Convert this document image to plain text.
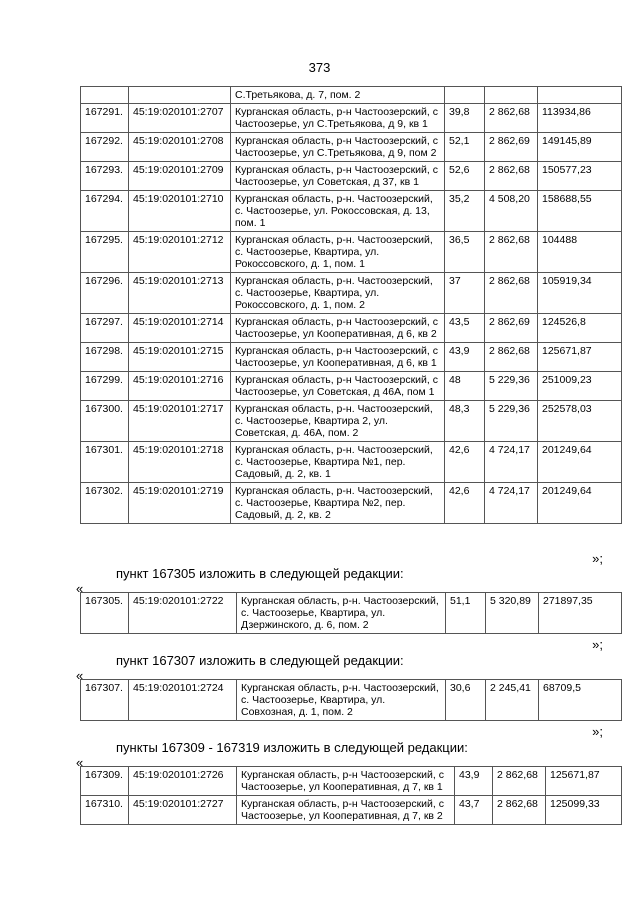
373
		С.Третьякова, д. 7, пом. 2			
167291.	45:19:020101:2707	Курганская область, р-н Частоозерский, с Частоозерье, ул С.Третьякова, д 9, кв 1	39,8	2 862,68	113934,86
167292.	45:19:020101:2708	Курганская область, р-н Частоозерский, с Частоозерье, ул С.Третьякова, д 9, пом 2	52,1	2 862,69	149145,89
167293.	45:19:020101:2709	Курганская область, р-н Частоозерский, с Частоозерье, ул Советская, д 37, кв 1	52,6	2 862,68	150577,23
167294.	45:19:020101:2710	Курганская область, р-н. Частоозерский, с. Частоозерье, ул. Рокоссовская, д. 13, пом. 1	35,2	4 508,20	158688,55
167295.	45:19:020101:2712	Курганская область, р-н. Частоозерский, с. Частоозерье, Квартира, ул. Рокоссовского, д. 1, пом. 1	36,5	2 862,68	104488
167296.	45:19:020101:2713	Курганская область, р-н. Частоозерский, с. Частоозерье, Квартира, ул. Рокоссовского, д. 1, пом. 2	37	2 862,68	105919,34
167297.	45:19:020101:2714	Курганская область, р-н Частоозерский, с Частоозерье, ул Кооперативная, д 6, кв 2	43,5	2 862,69	124526,8
167298.	45:19:020101:2715	Курганская область, р-н Частоозерский, с Частоозерье, ул Кооперативная, д 6, кв 1	43,9	2 862,68	125671,87
167299.	45:19:020101:2716	Курганская область, р-н Частоозерский, с Частоозерье, ул Советская, д 46А, пом 1	48	5 229,36	251009,23
167300.	45:19:020101:2717	Курганская область, р-н. Частоозерский, с. Частоозерье, Квартира 2, ул. Советская, д. 46А, пом. 2	48,3	5 229,36	252578,03
167301.	45:19:020101:2718	Курганская область, р-н. Частоозерский, с. Частоозерье, Квартира №1, пер. Садовый, д. 2, кв. 1	42,6	4 724,17	201249,64
167302.	45:19:020101:2719	Курганская область, р-н. Частоозерский, с. Частоозерье, Квартира №2, пер. Садовый, д. 2, кв. 2	42,6	4 724,17	201249,64
»;
пункт 167305 изложить в следующей редакции:
«
167305.	45:19:020101:2722	Курганская область, р-н. Частоозерский, с. Частоозерье, Квартира, ул. Дзержинского, д. 6, пом. 2	51,1	5 320,89	271897,35
»;
пункт 167307 изложить в следующей редакции:
«
167307.	45:19:020101:2724	Курганская область, р-н. Частоозерский, с. Частоозерье, Квартира, ул. Совхозная, д. 1, пом. 2	30,6	2 245,41	68709,5
»;
пункты 167309 - 167319 изложить в следующей редакции:
«
167309.	45:19:020101:2726	Курганская область, р-н Частоозерский, с Частоозерье, ул Кооперативная, д 7, кв 1	43,9	2 862,68	125671,87
167310.	45:19:020101:2727	Курганская область, р-н Частоозерский, с Частоозерье, ул Кооперативная, д 7, кв 2	43,7	2 862,68	125099,33
